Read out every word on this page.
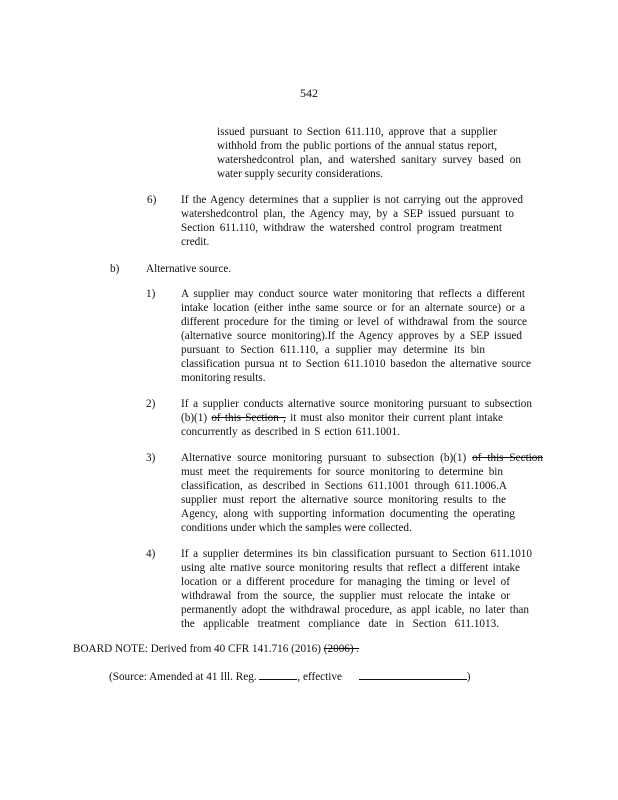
542
issued pursuant to Section 611.110, approve that a supplier
withhold from the public portions of the annual status report,
watershedcontrol plan, and watershed sanitary survey based on
water supply security considerations.
6) If the Agency determines that a supplier is not carrying out the approved
watershedcontrol plan, the Agency may, by a SEP issued pursuant to
Section 611.110, withdraw the watershed control program treatment
credit.
b) Alternative source.
1) A supplier may conduct source water monitoring that reflects a different
intake location (either inthe same source or for an alternate source) or a
different procedure for the timing or level of withdrawal from the source
(alternative source monitoring).If the Agency approves by a SEP issued
pursuant to Section 611.110, a supplier may determine its bin
classification pursua nt to Section 611.1010 basedon the alternative source
monitoring results.
2) If a supplier conducts alternative source monitoring pursuant to subsection
(b)(1) of this Section , it must also monitor their current plant intake
concurrently as described in S ection 611.1001.
3) Alternative source monitoring pursuant to subsection (b)(1) of this Section
must meet the requirements for source monitoring to determine bin
classification, as described in Sections 611.1001 through 611.1006.A
supplier must report the alternative source monitoring results to the
Agency, along with supporting information documenting the operating
conditions under which the samples were collected.
4) If a supplier determines its bin classification pursuant to Section 611.1010
using alte rnative source monitoring results that reflect a different intake
location or a different procedure for managing the timing or level of
withdrawal from the source, the supplier must relocate the intake or
permanently adopt the withdrawal procedure, as appl icable, no later than
the applicable treatment compliance date in Section 611.1013.
BOARD NOTE: Derived from 40 CFR 141.716 (2016) (2006) .
(Source: Amended at 41 Ill. Reg.	, effective	)
